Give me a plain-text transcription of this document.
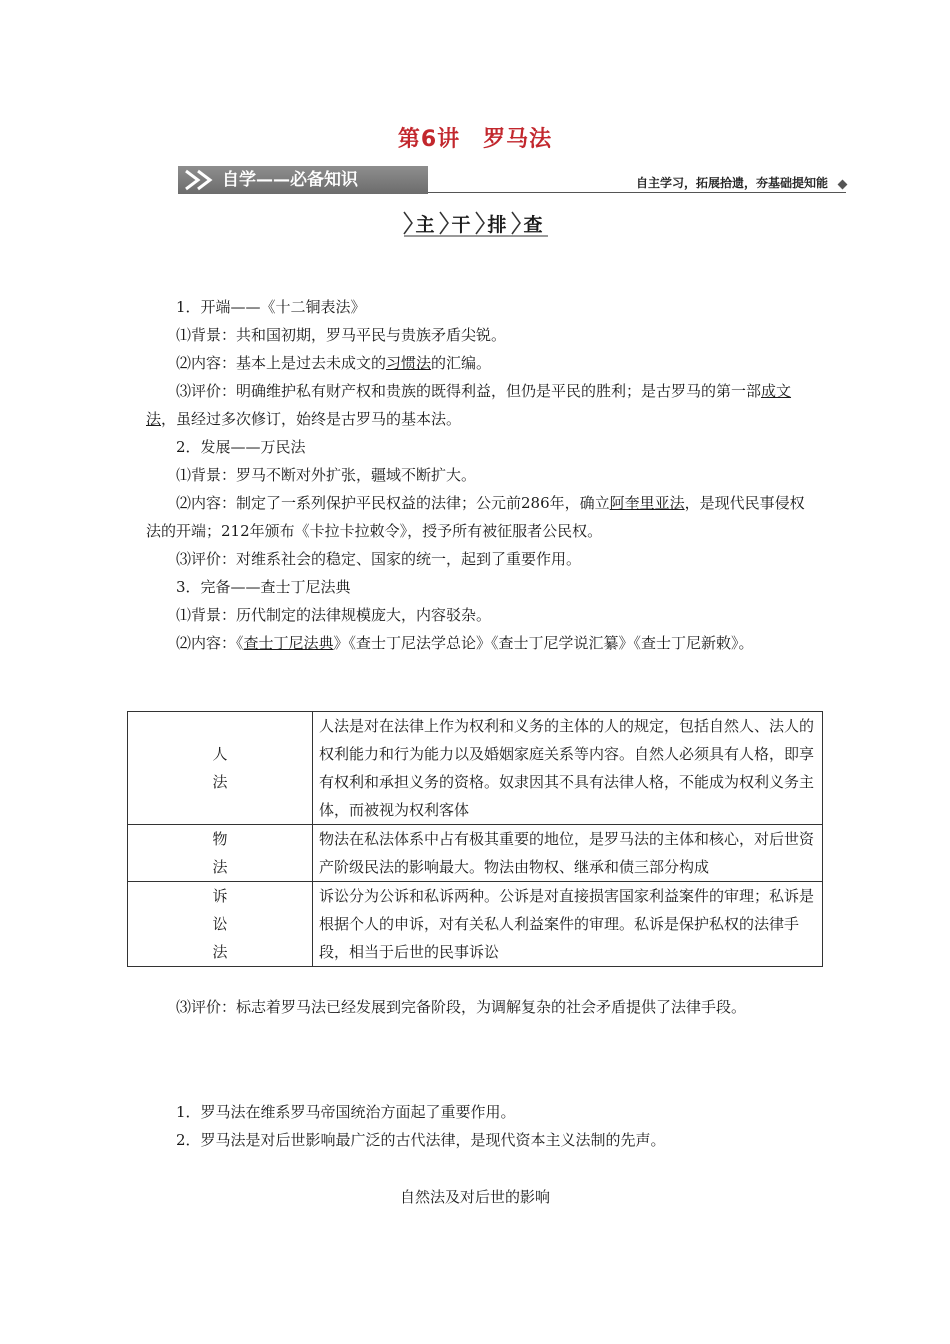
第6讲　罗马法
自学——必备知识	自主学习，拓展拾遗，夯基础提知能
主 干 排 查

1．开端——《十二铜表法》

⑴背景：共和国初期，罗马平民与贵族矛盾尖锐。

⑵内容：基本上是过去未成文的习惯法的汇编。

⑶评价：明确维护私有财产权和贵族的既得利益，但仍是平民的胜利；是古罗马的第一部成文法，虽经过多次修订，始终是古罗马的基本法。

2．发展——万民法

⑴背景：罗马不断对外扩张，疆域不断扩大。

⑵内容：制定了一系列保护平民权益的法律；公元前286年，确立阿奎里亚法，是现代民事侵权法的开端；212年颁布《卡拉卡拉敕令》，授予所有被征服者公民权。

⑶评价：对维系社会的稳定、国家的统一，起到了重要作用。

3．完备——查士丁尼法典

⑴背景：历代制定的法律规模庞大，内容驳杂。

⑵内容：《查士丁尼法典》《查士丁尼法学总论》《查士丁尼学说汇纂》《查士丁尼新敕》。

人
法	人法是对在法律上作为权利和义务的主体的人的规定，包括自然人、法人的权利能力和行为能力以及婚姻家庭关系等内容。自然人必须具有人格，即享有权利和承担义务的资格。奴隶因其不具有法律人格，不能成为权利义务主体，而被视为权利客体

物
法	物法在私法体系中占有极其重要的地位，是罗马法的主体和核心，对后世资产阶级民法的影响最大。物法由物权、继承和债三部分构成

诉
讼
法	诉讼分为公诉和私诉两种。公诉是对直接损害国家利益案件的审理；私诉是根据个人的申诉，对有关私人利益案件的审理。私诉是保护私权的法律手段，相当于后世的民事诉讼

⑶评价：标志着罗马法已经发展到完备阶段，为调解复杂的社会矛盾提供了法律手段。

1．罗马法在维系罗马帝国统治方面起了重要作用。

2．罗马法是对后世影响最广泛的古代法律，是现代资本主义法制的先声。

自然法及对后世的影响
